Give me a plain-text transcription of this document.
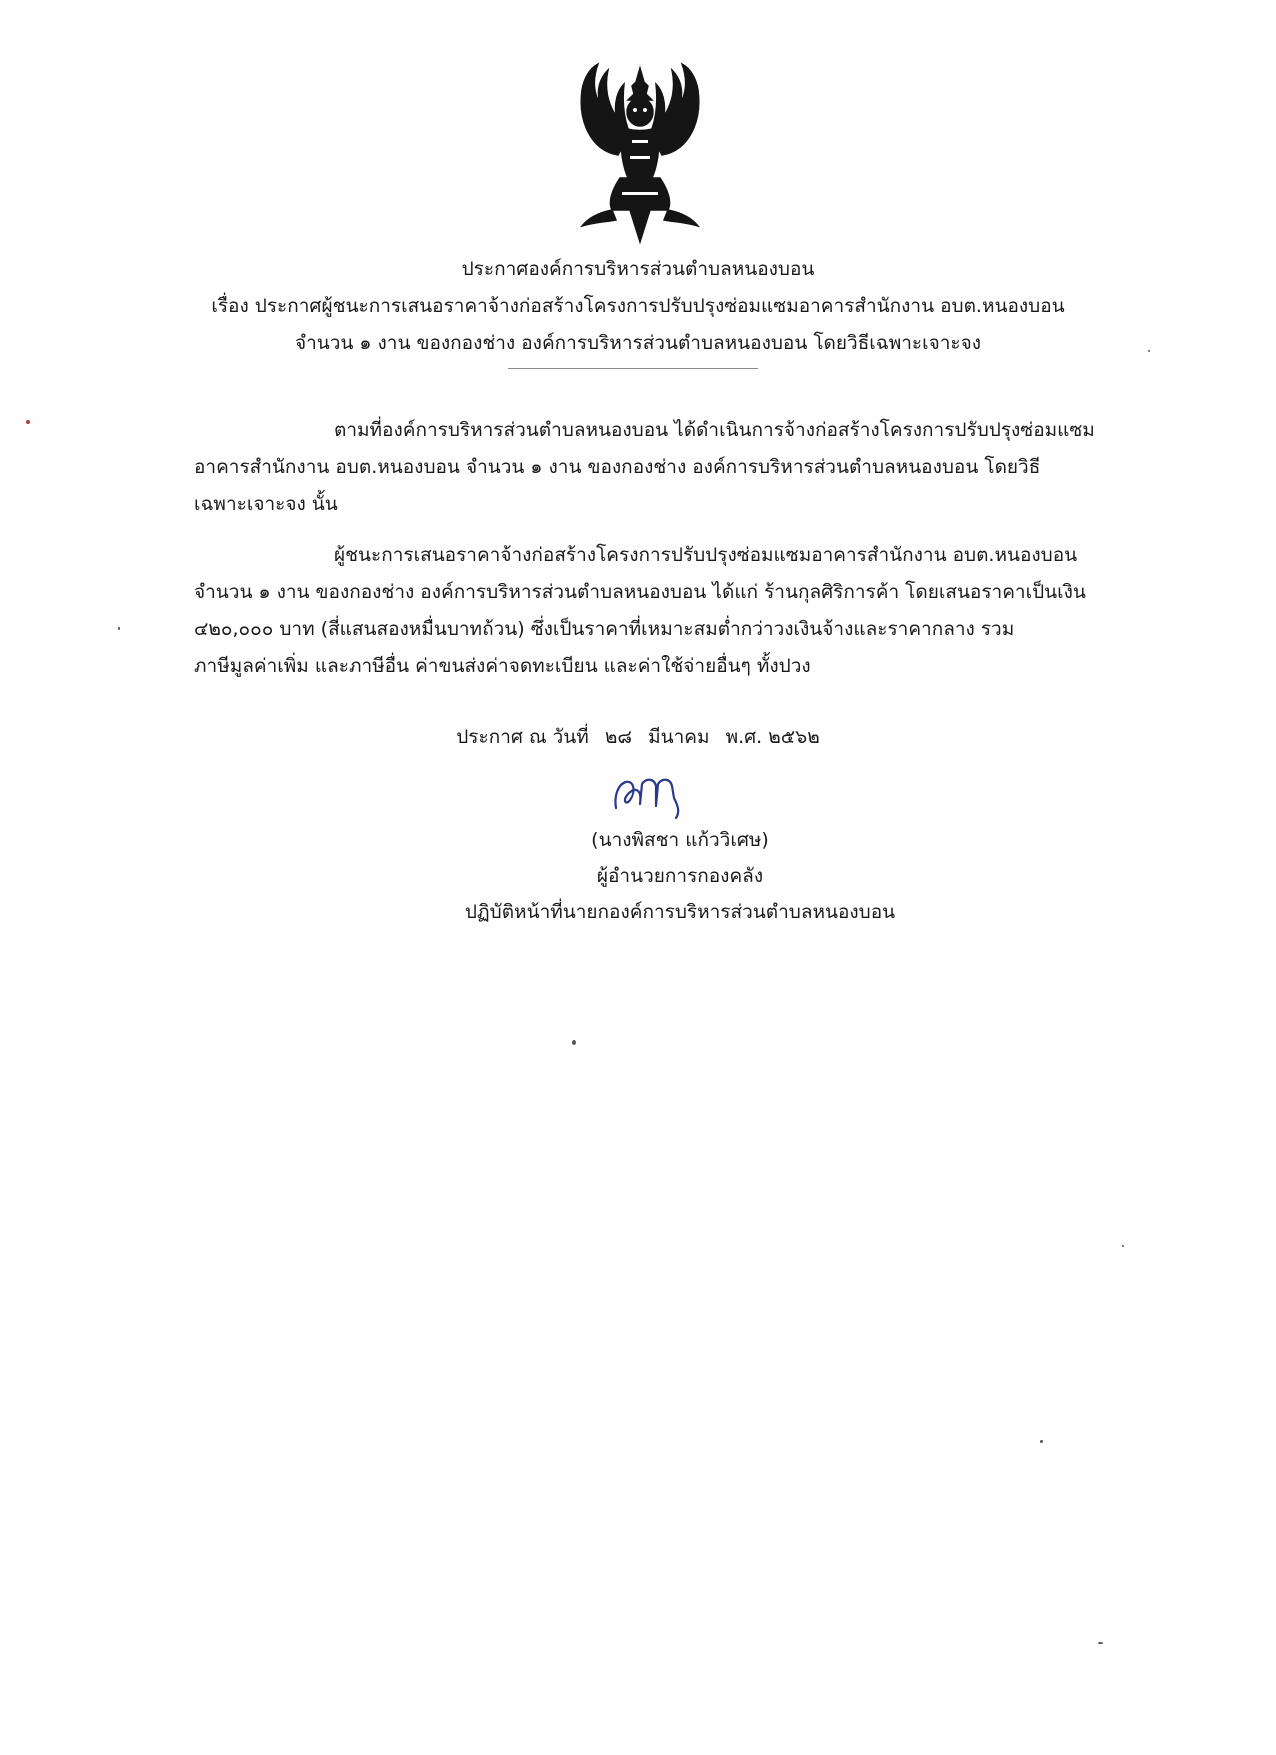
ประกาศองค์การบริหารส่วนตำบลหนองบอน
เรื่อง ประกาศผู้ชนะการเสนอราคาจ้างก่อสร้างโครงการปรับปรุงซ่อมแซมอาคารสำนักงาน อบต.หนองบอน
จำนวน ๑ งาน ของกองช่าง องค์การบริหารส่วนตำบลหนองบอน โดยวิธีเฉพาะเจาะจง
ตามที่องค์การบริหารส่วนตำบลหนองบอน ได้ดำเนินการจ้างก่อสร้างโครงการปรับปรุงซ่อมแซม
อาคารสำนักงาน อบต.หนองบอน จำนวน ๑ งาน ของกองช่าง องค์การบริหารส่วนตำบลหนองบอน โดยวิธี
เฉพาะเจาะจง นั้น
ผู้ชนะการเสนอราคาจ้างก่อสร้างโครงการปรับปรุงซ่อมแซมอาคารสำนักงาน อบต.หนองบอน
จำนวน ๑ งาน ของกองช่าง องค์การบริหารส่วนตำบลหนองบอน ได้แก่ ร้านกุลศิริการค้า โดยเสนอราคาเป็นเงิน
๔๒๐,๐๐๐ บาท (สี่แสนสองหมื่นบาทถ้วน) ซึ่งเป็นราคาที่เหมาะสมต่ำกว่าวงเงินจ้างและราคากลาง รวม
ภาษีมูลค่าเพิ่ม และภาษีอื่น ค่าขนส่งค่าจดทะเบียน และค่าใช้จ่ายอื่นๆ ทั้งปวง
ประกาศ ณ วันที่ ๒๘ มีนาคม พ.ศ. ๒๕๖๒
(นางพิสชา แก้ววิเศษ)
ผู้อำนวยการกองคลัง
ปฏิบัติหน้าที่นายกองค์การบริหารส่วนตำบลหนองบอน
